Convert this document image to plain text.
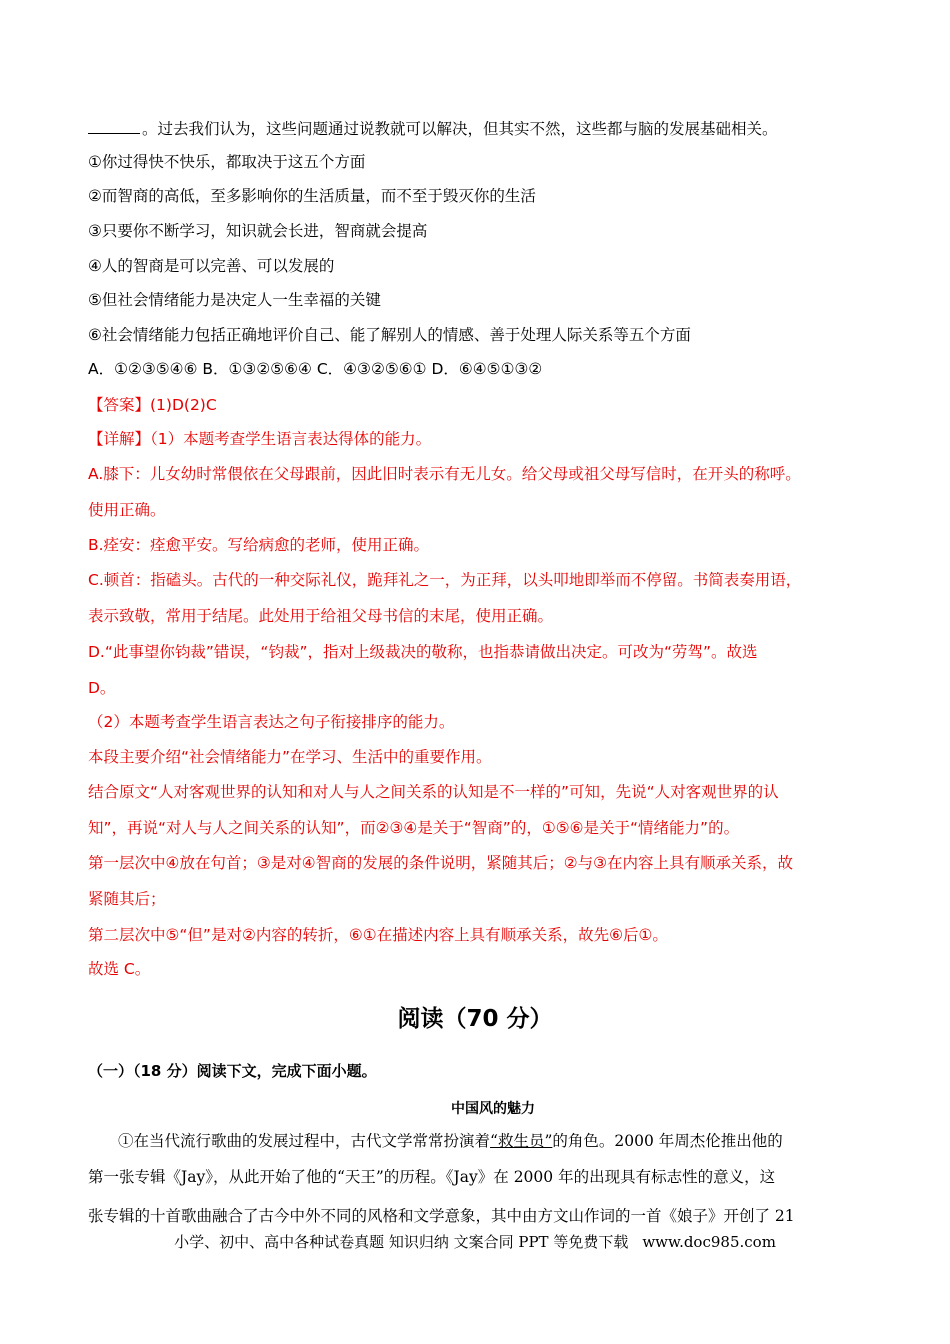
。过去我们认为，这些问题通过说教就可以解决，但其实不然，这些都与脑的发展基础相关。
①你过得快不快乐，都取决于这五个方面
②而智商的高低，至多影响你的生活质量，而不至于毁灭你的生活
③只要你不断学习，知识就会长进，智商就会提高
④人的智商是可以完善、可以发展的
⑤但社会情绪能力是决定人一生幸福的关键
⑥社会情绪能力包括正确地评价自己、能了解别人的情感、善于处理人际关系等五个方面
A．①②③⑤④⑥ B．①③②⑤⑥④ C．④③②⑤⑥① D．⑥④⑤①③②
【答案】(1)D(2)C
【详解】（1）本题考查学生语言表达得体的能力。
A.膝下：儿女幼时常偎依在父母跟前，因此旧时表示有无儿女。给父母或祖父母写信时，在开头的称呼。
使用正确。
B.痊安：痊愈平安。写给病愈的老师，使用正确。
C.顿首：指磕头。古代的一种交际礼仪，跪拜礼之一，为正拜，以头叩地即举而不停留。书简表奏用语，
表示致敬，常用于结尾。此处用于给祖父母书信的末尾，使用正确。
D.“此事望你钧裁”错误，“钧裁”，指对上级裁决的敬称，也指恭请做出决定。可改为“劳驾”。故选
D。
（2）本题考查学生语言表达之句子衔接排序的能力。
本段主要介绍“社会情绪能力”在学习、生活中的重要作用。
结合原文“人对客观世界的认知和对人与人之间关系的认知是不一样的”可知，先说“人对客观世界的认
知”，再说“对人与人之间关系的认知”，而②③④是关于“智商”的，①⑤⑥是关于“情绪能力”的。
第一层次中④放在句首；③是对④智商的发展的条件说明，紧随其后；②与③在内容上具有顺承关系，故
紧随其后；
第二层次中⑤“但”是对②内容的转折，⑥①在描述内容上具有顺承关系，故先⑥后①。
故选 C。
阅读（70 分）
（一）（18 分）阅读下文，完成下面小题。
中国风的魅力
①在当代流行歌曲的发展过程中，古代文学常常扮演着“救生员”的角色。2000 年周杰伦推出他的
第一张专辑《Jay》，从此开始了他的“天王”的历程。《Jay》在 2000 年的出现具有标志性的意义，这
张专辑的十首歌曲融合了古今中外不同的风格和文学意象，其中由方文山作词的一首《娘子》开创了 21
小学、初中、高中各种试卷真题 知识归纳 文案合同 PPT 等免费下载 www.doc985.com
